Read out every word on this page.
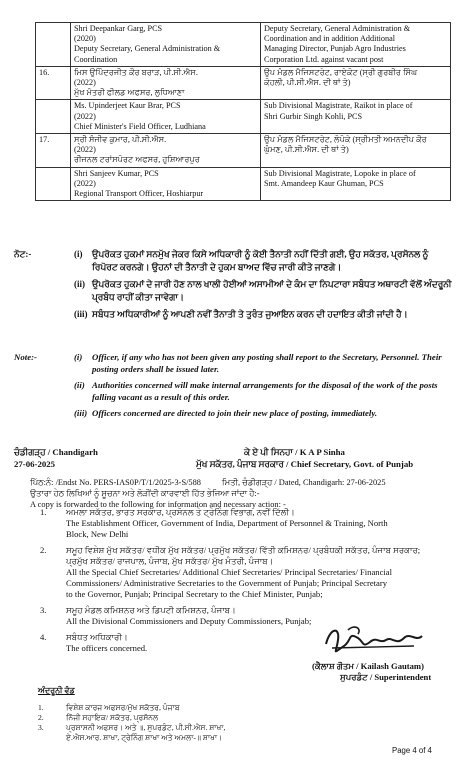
	Shri Deepankar Garg, PCS
(2020)
Deputy Secretary, General Administration &
Coordination	Deputy Secretary, General Administration &
Coordination and in addition Additional
Managing Director, Punjab Agro Industries
Corporation Ltd. against vacant post

16.	ਮਿਸ ਉਪਿੰਦਰਜੀਤ ਕੌਰ ਬਰਾੜ, ਪੀ.ਸੀ.ਐਸ.
(2022)
ਮੁੱਖ ਮੰਤਰੀ ਫੀਲਡ ਅਫਸਰ, ਲੁਧਿਆਣਾ	ਉਪ ਮੰਡਲ ਮੈਜਿਸਟਰੇਟ, ਰਾਏਕੋਟ (ਸ੍ਰੀ ਗੁਰਬੀਰ ਸਿੰਘ
ਕੋਹਲੀ, ਪੀ.ਸੀ.ਐਸ. ਦੀ ਥਾਂ ਤੇ)

	Ms. Upinderjeet Kaur Brar, PCS
(2022)
Chief Minister's Field Officer, Ludhiana	Sub Divisional Magistrate, Raikot in place of
Shri Gurbir Singh Kohli, PCS

17.	ਸ੍ਰੀ ਸੰਜੀਵ ਕੁਮਾਰ, ਪੀ.ਸੀ.ਐਸ.
(2022)
ਰੀਜਨਲ ਟਰਾਂਸਪੋਰਟ ਅਫਸਰ, ਹੁਸ਼ਿਆਰਪੁਰ	ਉਪ ਮੰਡਲ ਮੈਜਿਸਟਰੇਟ, ਲੋਪੋਕੇ (ਸ੍ਰੀਮਤੀ ਅਮਨਦੀਪ ਕੌਰ
ਘੁੰਮਣ, ਪੀ.ਸੀ.ਐਸ. ਦੀ ਥਾਂ ਤੇ)

	Shri Sanjeev Kumar, PCS
(2022)
Regional Transport Officer, Hoshiarpur	Sub Divisional Magistrate, Lopoke in place of
Smt. Amandeep Kaur Ghuman, PCS
ਨੋਟ:-	(i) ਉਪਰੋਕਤ ਹੁਕਮਾਂ ਸਨਮੁੱਖ ਜੇਕਰ ਕਿਸੇ ਅਧਿਕਾਰੀ ਨੂੰ ਕੋਈ ਤੈਨਾਤੀ ਨਹੀਂ ਦਿੱਤੀ ਗਈ, ਉਹ ਸਕੱਤਰ, ਪ੍ਰਸੋਨਲ ਨੂੰ ਰਿਪੋਰਟ ਕਰਨਗੇ। ਉਹਨਾਂ ਦੀ ਤੈਨਾਤੀ ਦੇ ਹੁਕਮ ਬਾਅਦ ਵਿੱਚ ਜਾਰੀ ਕੀਤੇ ਜਾਣਗੇ।
(ii) ਉਪਰੋਕਤ ਹੁਕਮਾਂ ਦੇ ਜਾਰੀ ਹੋਣ ਨਾਲ ਖਾਲੀ ਹੋਈਆਂ ਅਸਾਮੀਆਂ ਦੇ ਕੰਮ ਦਾ ਨਿਪਟਾਰਾ ਸਬੰਧਤ ਅਥਾਰਟੀ ਵੱਲੋਂ ਅੰਦਰੂਨੀ ਪ੍ਰਬੰਧ ਰਾਹੀਂ ਕੀਤਾ ਜਾਵੇਗਾ।
(iii) ਸਬੰਧਤ ਅਧਿਕਾਰੀਆਂ ਨੂੰ ਆਪਣੀ ਨਵੀਂ ਤੈਨਾਤੀ ਤੇ ਤੁਰੰਤ ਜੁਆਇਨ ਕਰਨ ਦੀ ਹਦਾਇਤ ਕੀਤੀ ਜਾਂਦੀ ਹੈ।
Note:-	(i) Officer, if any who has not been given any posting shall report to the Secretary, Personnel. Their posting orders shall be issued later.
(ii) Authorities concerned will make internal arrangements for the disposal of the work of the posts falling vacant as a result of this order.
(iii) Officers concerned are directed to join their new place of posting, immediately.
ਚੰਡੀਗੜ੍ਹ / Chandigarh	ਕੇ ਏ ਪੀ ਸਿਨਹਾ / K A P Sinha
27-06-2025	ਮੁੱਖ ਸਕੱਤਰ, ਪੰਜਾਬ ਸਰਕਾਰ / Chief Secretary, Govt. of Punjab
ਪਿੱਠ:ਨੰ: /Endst No. PERS-IAS0P/T/1/2025-3-S/588          ਮਿਤੀ, ਚੰਡੀਗੜ੍ਹ / Dated, Chandigarh: 27-06-2025
ਉਤਾਰਾ ਹੇਠ ਲਿਖਿਆਂ ਨੂੰ ਸੂਚਨਾ ਅਤੇ ਲੋੜੀਂਦੀ ਕਾਰਵਾਈ ਹਿੱਤ ਭੇਜਿਆ ਜਾਂਦਾ ਹੈ:-
A copy is forwarded to the following for information and necessary action: -
1. ਅਮਲਾ ਸਕੱਤਰ, ਭਾਰਤ ਸਰਕਾਰ, ਪ੍ਰਸੋਨਲ ਤੇ ਟ੍ਰੇਨਿੰਗ ਵਿਭਾਗ, ਨਵੀਂ ਦਿੱਲੀ।
The Establishment Officer, Government of India, Department of Personnel & Training, North
Block, New Delhi
2. ਸਮੂਹ ਵਿਸ਼ੇਸ਼ ਮੁੱਖ ਸਕੱਤਰ/ ਵਧੀਕ ਮੁੱਖ ਸਕੱਤਰ/ ਪ੍ਰਮੁੱਖ ਸਕੱਤਰ/ ਵਿੱਤੀ ਕਮਿਸ਼ਨਰ/ ਪ੍ਰਬੰਧਕੀ ਸਕੱਤਰ, ਪੰਜਾਬ ਸਰਕਾਰ;
ਪ੍ਰਮੁੱਖ ਸਕੱਤਰ/ ਰਾਜਪਾਲ, ਪੰਜਾਬ, ਮੁੱਖ ਸਕੱਤਰ/ ਮੁੱਖ ਮੰਤਰੀ, ਪੰਜਾਬ।
All the Special Chief Secretaries/ Additional Chief Secretaries/ Principal Secretaries/ Financial
Commissioners/ Administrative Secretaries to the Government of Punjab; Principal Secretary
to the Governor, Punjab; Principal Secretary to the Chief Minister, Punjab;
3. ਸਮੂਹ ਮੰਡਲ ਕਮਿਸ਼ਨਰ ਅਤੇ ਡਿਪਟੀ ਕਮਿਸ਼ਨਰ, ਪੰਜਾਬ।
All the Divisional Commissioners and Deputy Commissioners, Punjab;
4. ਸਬੰਧਤ ਅਧਿਕਾਰੀ।
The officers concerned.
(ਕੈਲਾਸ਼ ਗੌਤਮ / Kailash Gautam)
ਸੁਪਰਡੰਟ / Superintendent
ਅੰਦਰੂਨੀ ਵੰਡ
1.	ਵਿਸ਼ੇਸ਼ ਕਾਰਜ ਅਫਸਰ/ਮੁੱਖ ਸਕੱਤਰ, ਪੰਜਾਬ
2.	ਨਿੱਜੀ ਸਹਾਇਕ/ ਸਕੱਤਰ, ਪ੍ਰਸੋਨਲ
3.	ਪ੍ਰਸ਼ਾਸਨੀ ਅਫਸਰ। ਅਤੇ ॥, ਸੁਪਰਡੰਟ, ਪੀ.ਸੀ.ਐਸ. ਸ਼ਾਖਾ,
ਏ.ਐਸ.ਆਰ. ਸ਼ਾਖਾ, ਟ੍ਰੇਨਿੰਗ ਸ਼ਾਖਾ ਅਤੇ ਅਮਲਾ-॥ ਸ਼ਾਖਾ।
Page 4 of 4
